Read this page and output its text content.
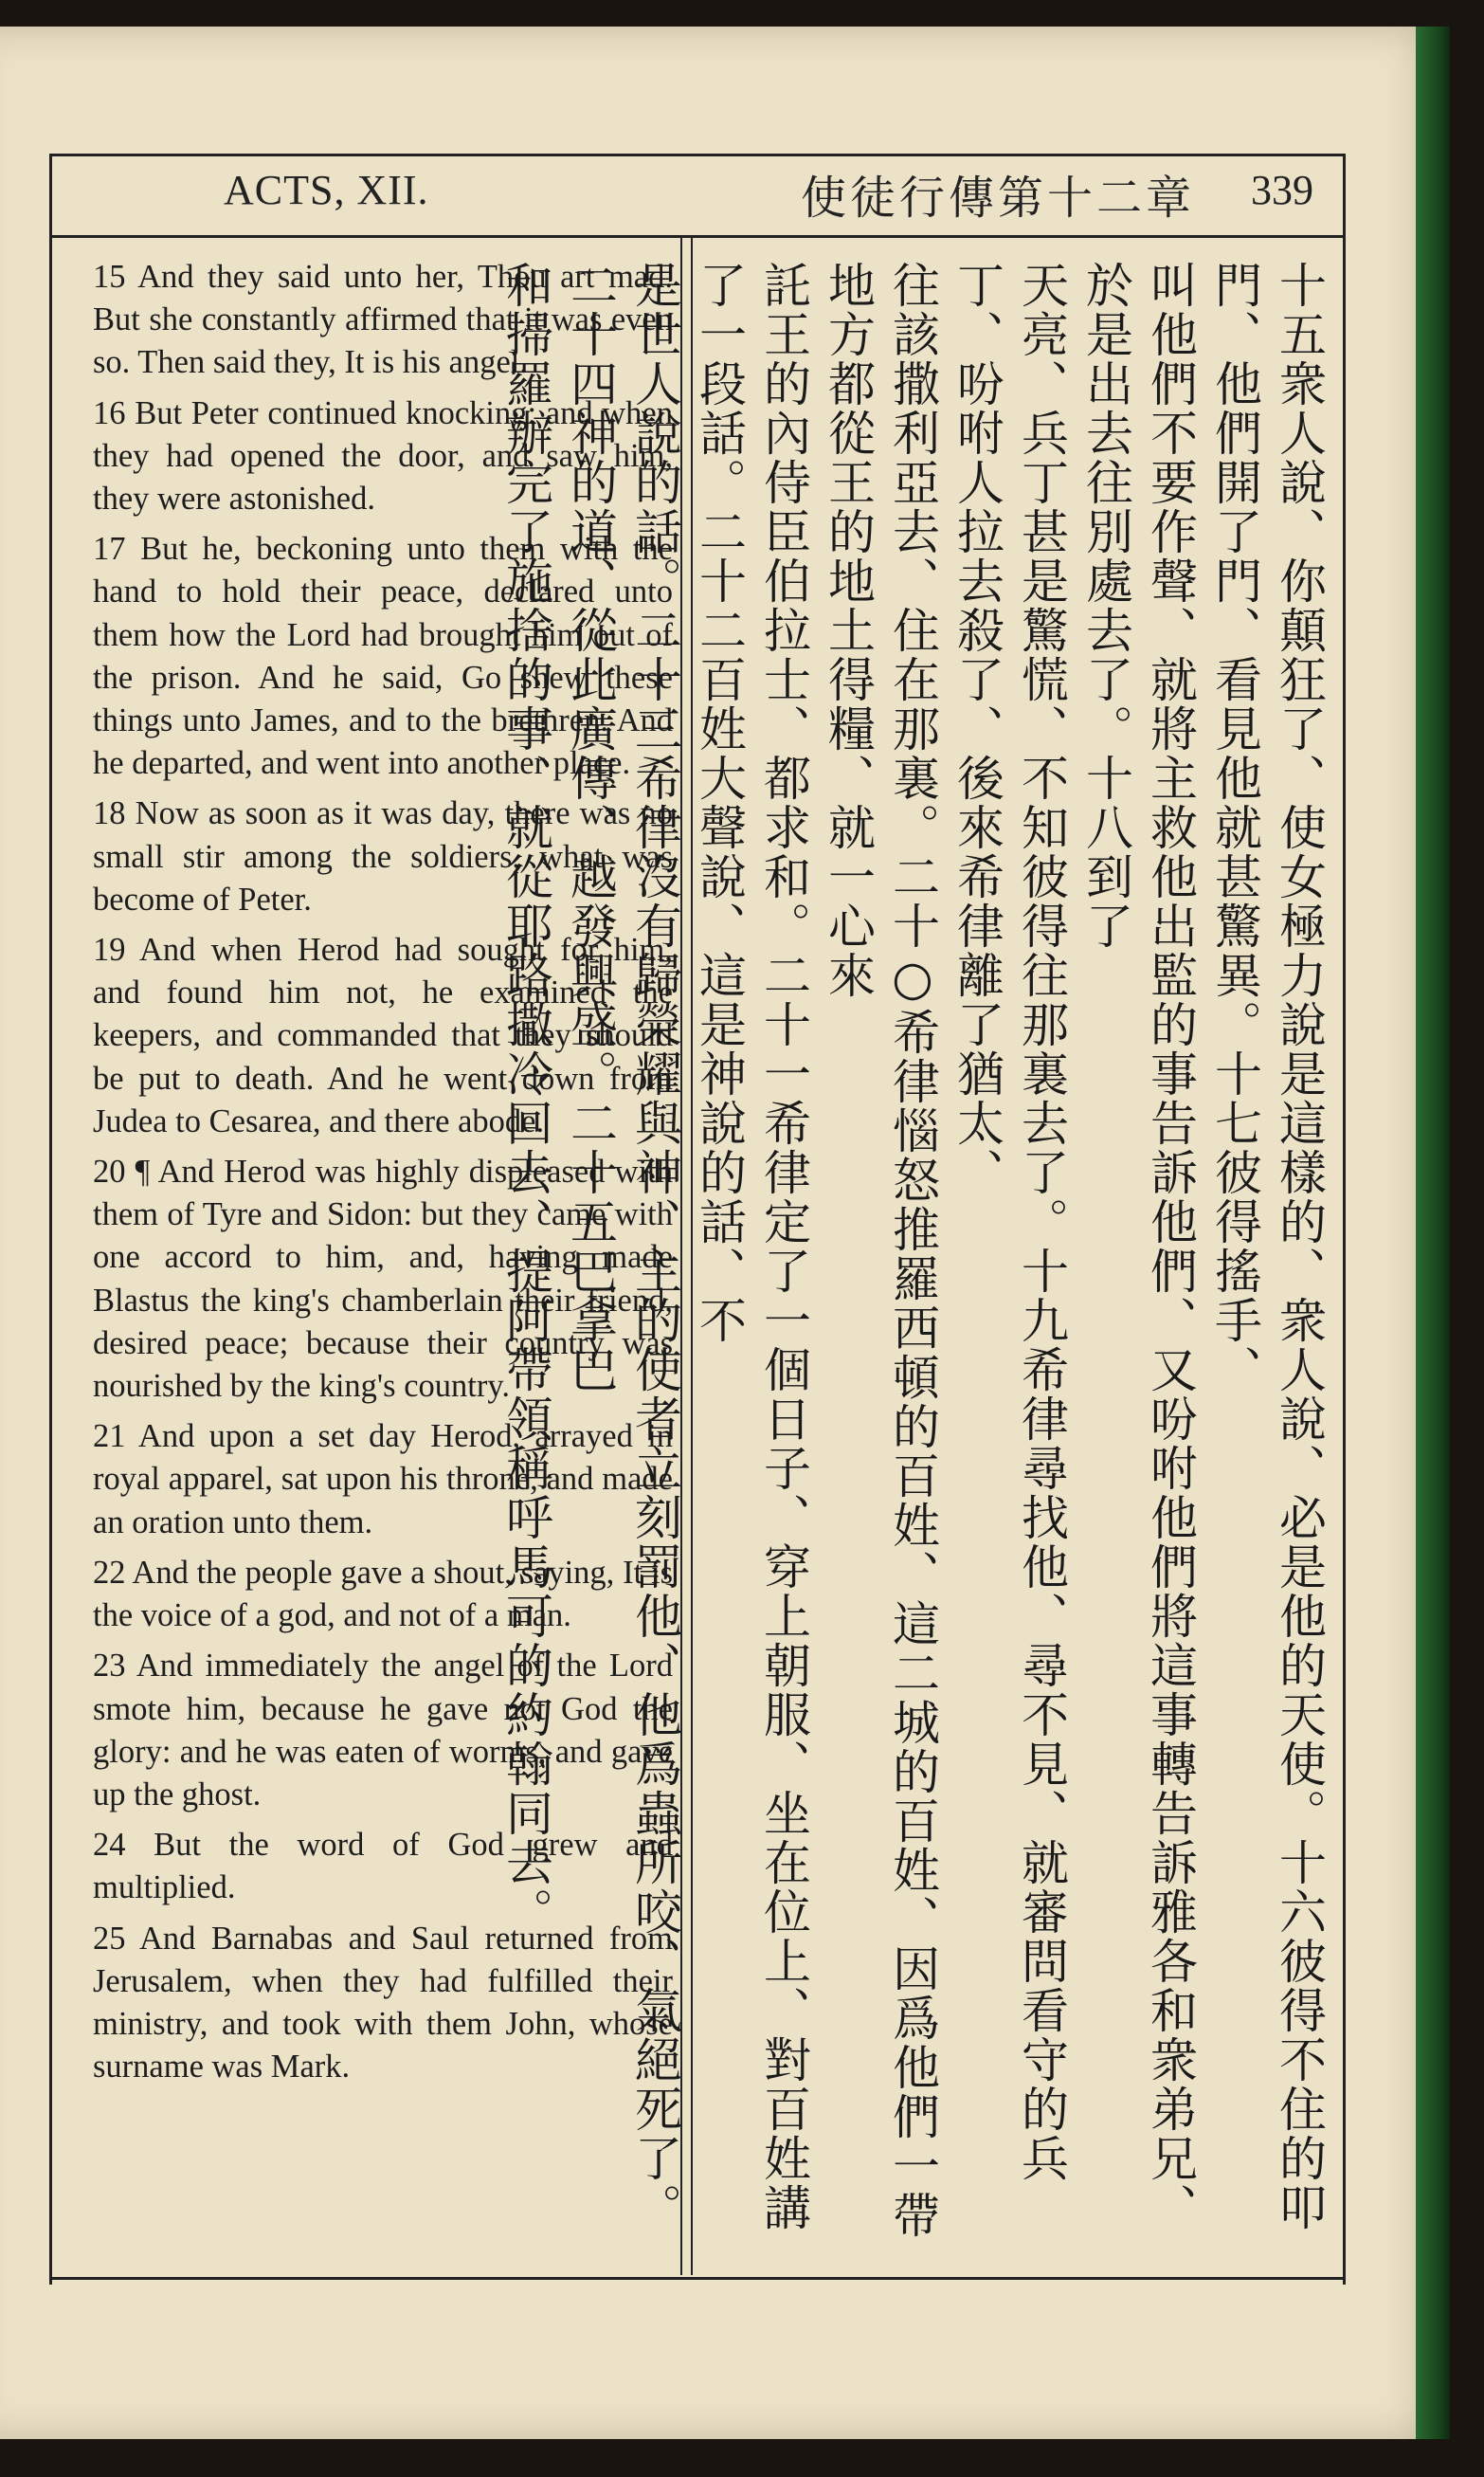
ACTS, XII.	使徒行傳第十二章 339

15 And they said unto her, Thou art mad. But she constantly affirmed that it was even so. Then said they, It is his angel.

16 But Peter continued knocking: and when they had opened the door, and saw him, they were astonished.

17 But he, beckoning unto them with the hand to hold their peace, declared unto them how the Lord had brought him out of the prison. And he said, Go shew these things unto James, and to the brethren. And he departed, and went into another place.

18 Now as soon as it was day, there was no small stir among the soldiers, what was become of Peter.

19 And when Herod had sought for him, and found him not, he examined the keepers, and commanded that they should be put to death. And he went down from Judea to Cesarea, and there abode.

20 ¶ And Herod was highly displeased with them of Tyre and Sidon: but they came with one accord to him, and, having made Blastus the king's chamberlain their friend, desired peace; because their country was nourished by the king's country.

21 And upon a set day Herod, arrayed in royal apparel, sat upon his throne, and made an oration unto them.

22 And the people gave a shout, saying, It is the voice of a god, and not of a man.

23 And immediately the angel of the Lord smote him, because he gave not God the glory: and he was eaten of worms, and gave up the ghost.

24 But the word of God grew and multiplied.

25 And Barnabas and Saul returned from Jerusalem, when they had fulfilled their ministry, and took with them John, whose surname was Mark.	十五衆人說、你顛狂了、使女極力說是這樣的、衆人說、必是他的天使。十六彼得不住的叩門、他們開了門、看見他就甚驚異。十七彼得搖手、
叫他們不要作聲、就將主救他出監的事告訴他們、又吩咐他們將這事轉告訴雅各和衆弟兄、於是出去往別處去了。十八到了
天亮、兵丁甚是驚慌、不知彼得往那裏去了。十九希律尋找他、尋不見、就審問看守的兵丁、吩咐人拉去殺了、後來希律離了猶太、
往該撒利亞去、住在那裏。二十○希律惱怒推羅西頓的百姓、這二城的百姓、因爲他們一帶地方都從王的地土得糧、就一心來
託王的內侍臣伯拉士、都求和。二十一希律定了一個日子、穿上朝服、坐在位上、對百姓講了一段話。二十二百姓大聲說、這是神說的話、不
是世人說的話。二十三希律沒有歸榮耀與神、主的使者立刻罰他、他爲蟲所咬、氣絕死了。二十四神的道、從此廣傳、越發興盛。二十五巴拿巴
和掃羅辦完了施捨的事、就從耶路撒冷回去、提阿帶領稱呼馬可的約翰同去。
